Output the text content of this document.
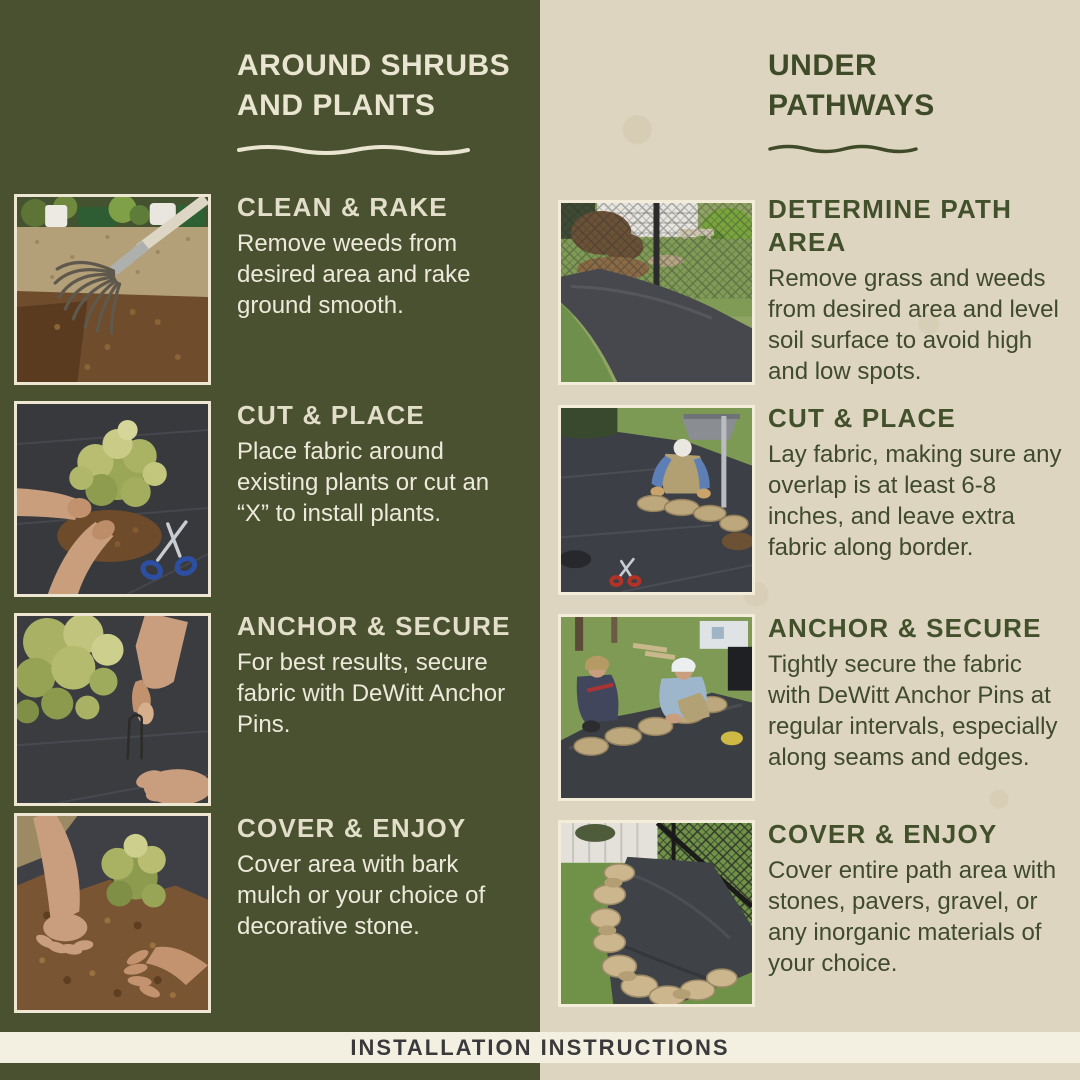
AROUND SHRUBS
AND PLANTS
UNDER
PATHWAYS
CLEAN & RAKE

Remove weeds from desired area and rake ground smooth.

CUT & PLACE

Place fabric around existing plants or cut an “X” to install plants.

ANCHOR & SECURE

For best results, secure fabric with DeWitt Anchor Pins.

COVER & ENJOY

Cover area with bark mulch or your choice of decorative stone.

DETERMINE PATH AREA

Remove grass and weeds from desired area and level soil surface to avoid high and low spots.

CUT & PLACE

Lay fabric, making sure any overlap is at least 6-8 inches, and leave extra fabric along border.

ANCHOR & SECURE

Tightly secure the fabric with DeWitt Anchor Pins at regular intervals, especially along seams and edges.

COVER & ENJOY

Cover entire path area with stones, pavers, gravel, or any inorganic materials of your choice.

INSTALLATION INSTRUCTIONS
